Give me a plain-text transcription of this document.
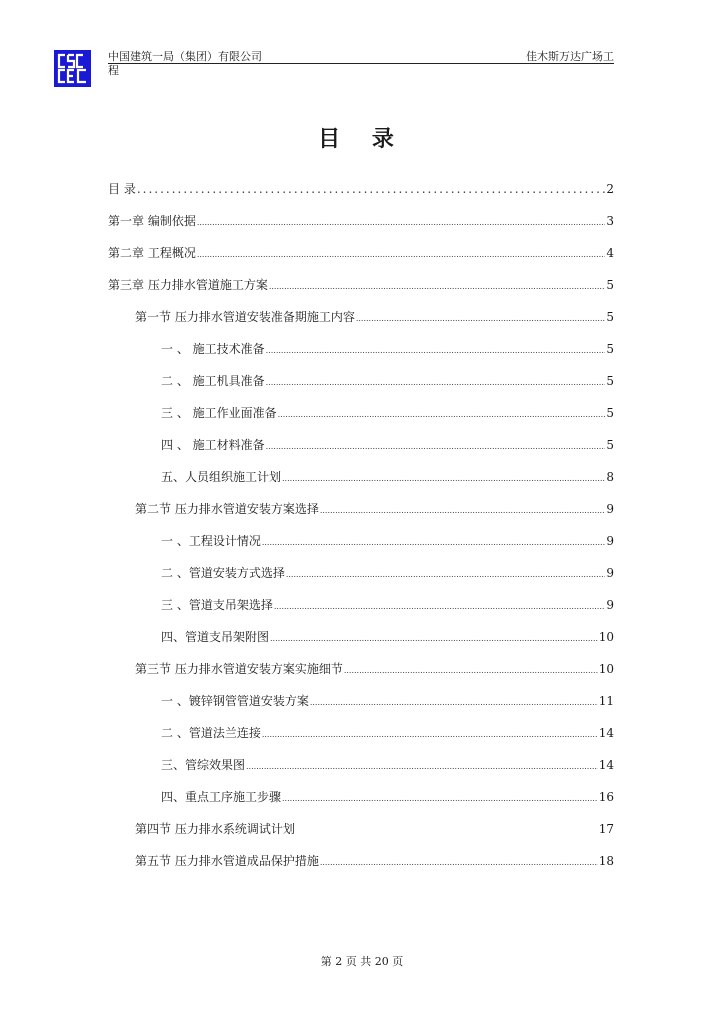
中国建筑一局（集团）有限公司	佳木斯万达广场工
程
目 录
目 录 .....	2
第一章 编制依据 .....	3
第二章 工程概况 .....	4
第三章 压力排水管道施工方案 .....	5
第一节 压力排水管道安装准备期施工内容 .....	5
一 、 施工技术准备 .....	5
二 、 施工机具准备 .....	5
三 、 施工作业面准备 .....	5
四 、 施工材料准备 .....	5
五、人员组织施工计划 .....	8
第二节 压力排水管道安装方案选择 .....	9
一 、工程设计情况 .....	9
二 、管道安装方式选择 .....	9
三 、管道支吊架选择 .....	9
四、管道支吊架附图 .....	10
第三节 压力排水管道安装方案实施细节 .....	10
一 、镀锌钢管管道安装方案 .....	11
二 、管道法兰连接 .....	14
三、管综效果图 .....	14
四、重点工序施工步骤 .....	16
第四节 压力排水系统调试计划	17
第五节 压力排水管道成品保护措施 .....	18
第 2 页 共 20 页
